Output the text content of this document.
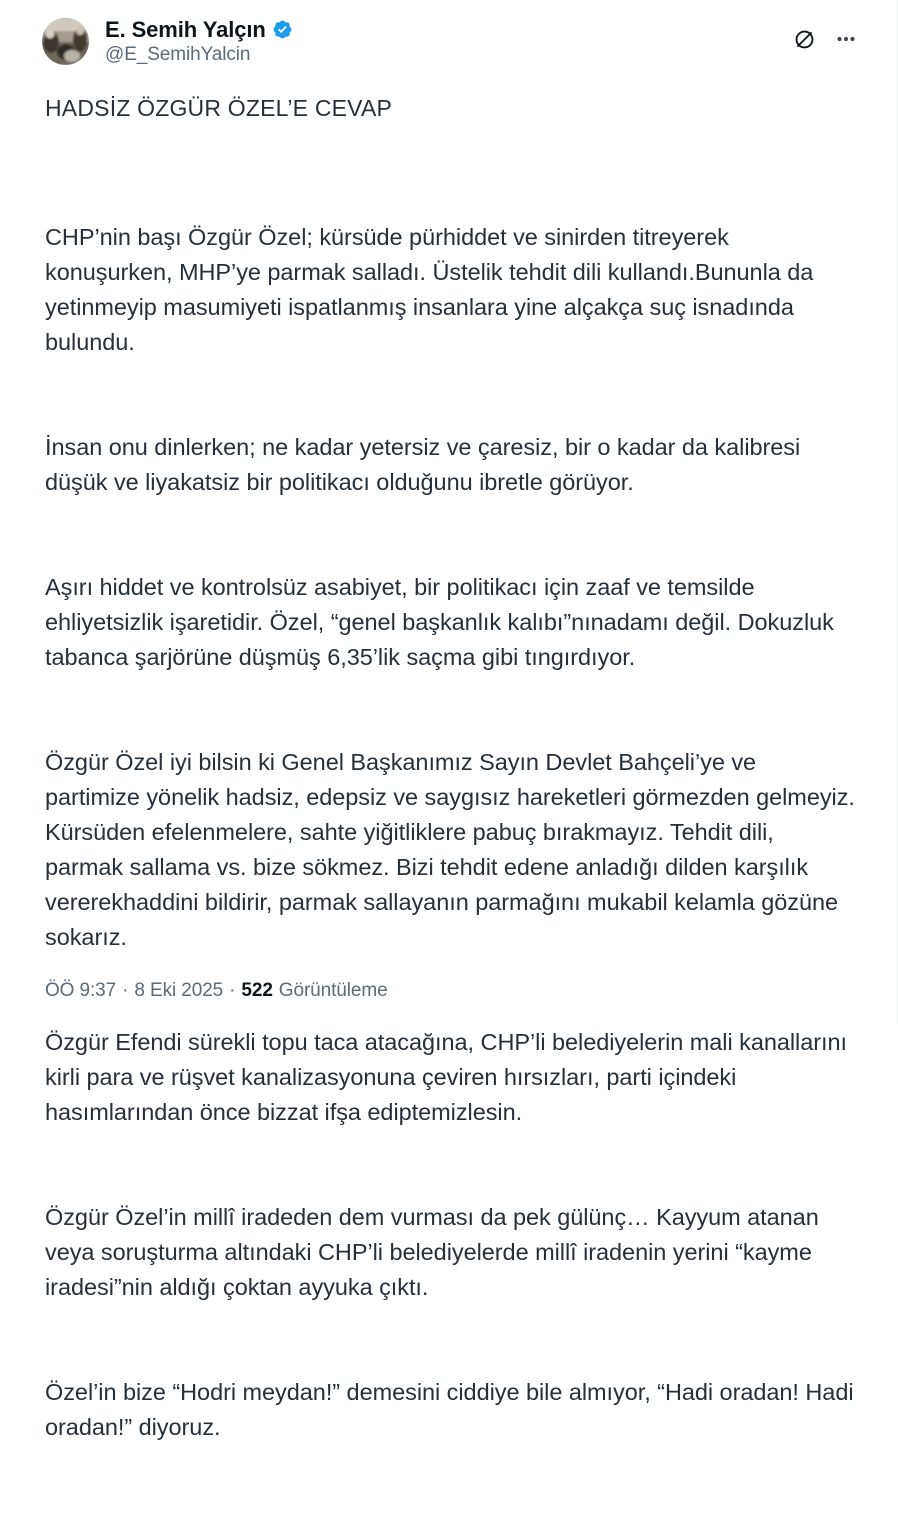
E. Semih Yalçın
@E_SemihYalcin
HADSİZ ÖZGÜR ÖZEL’E CEVAP

CHP’nin başı Özgür Özel; kürsüde pürhiddet ve sinirden titreyerek konuşurken, MHP’ye parmak salladı. Üstelik tehdit dili kullandı.Bununla da yetinmeyip masumiyeti ispatlanmış insanlara yine alçakça suç isnadında bulundu.

İnsan onu dinlerken; ne kadar yetersiz ve çaresiz, bir o kadar da kalibresi düşük ve liyakatsiz bir politikacı olduğunu ibretle görüyor.

Aşırı hiddet ve kontrolsüz asabiyet, bir politikacı için zaaf ve temsilde ehliyetsizlik işaretidir. Özel, “genel başkanlık kalıbı”nınadamı değil. Dokuzluk tabanca şarjörüne düşmüş 6,35’lik saçma gibi tıngırdıyor.

Özgür Özel iyi bilsin ki Genel Başkanımız Sayın Devlet Bahçeli’ye ve partimize yönelik hadsiz, edepsiz ve saygısız hareketleri görmezden gelmeyiz.  Kürsüden efelenmelere, sahte yiğitliklere pabuç bırakmayız. Tehdit dili, parmak sallama vs. bize sökmez. Bizi tehdit edene anladığı dilden karşılık vererekhaddini bildirir, parmak sallayanın parmağını mukabil kelamla gözüne sokarız.

Özgür Efendi sürekli topu taca atacağına, CHP’li belediyelerin mali kanallarını kirli para ve rüşvet kanalizasyonuna çeviren hırsızları, parti içindeki hasımlarından önce bizzat ifşa ediptemizlesin.

Özgür Özel’in millî iradeden dem vurması da pek gülünç… Kayyum atanan veya soruşturma altındaki CHP’li belediyelerde millî iradenin yerini “kayme iradesi”nin aldığı çoktan ayyuka çıktı.

Özel’in bize “Hodri meydan!” demesini ciddiye bile almıyor, “Hadi oradan! Hadi oradan!” diyoruz.

ÖÖ 9:37 · 8 Eki 2025 · 522 Görüntüleme
